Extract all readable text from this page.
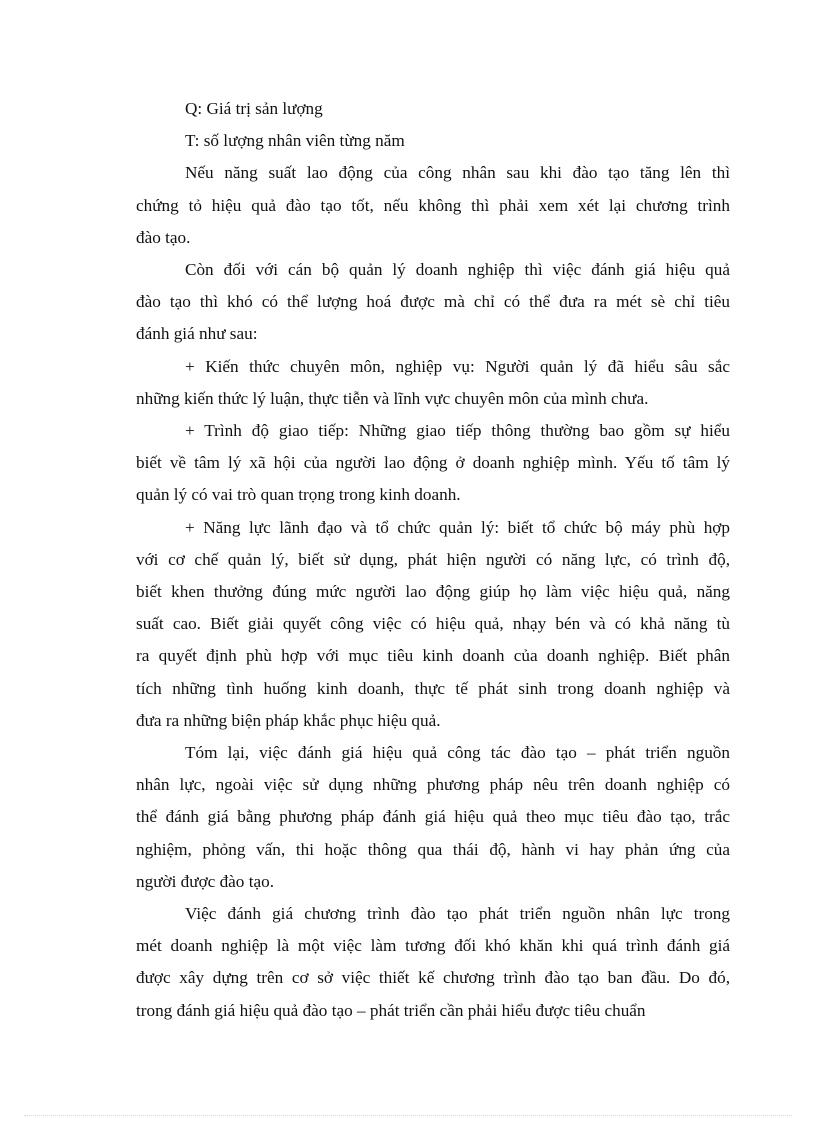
Q: Giá trị sản lượng
T: số lượng nhân viên từng năm
Nếu năng suất lao động của công nhân sau khi đào tạo tăng lên thì
chứng tỏ hiệu quả đào tạo tốt, nếu không thì phải xem xét lại chương trình
đào tạo.
Còn đối với cán bộ quản lý doanh nghiệp thì việc đánh giá hiệu quả
đào tạo thì khó có thể lượng hoá được mà chỉ có thể đưa ra mét sè chỉ tiêu
đánh giá như sau:
+ Kiến thức chuyên môn, nghiệp vụ: Người quản lý đã hiểu sâu sắc
những kiến thức lý luận, thực tiễn và lĩnh vực chuyên môn của mình chưa.
+ Trình độ giao tiếp: Những giao tiếp thông thường bao gồm sự hiểu
biết về tâm lý xã hội của người lao động ở doanh nghiệp mình. Yếu tố tâm lý
quản lý có vai trò quan trọng trong kinh doanh.
+ Năng lực lãnh đạo và tổ chức quản lý: biết tổ chức bộ máy phù hợp
với cơ chế quản lý, biết sử dụng, phát hiện người có năng lực, có trình độ,
biết khen thưởng đúng mức người lao động giúp họ làm việc hiệu quả, năng
suất cao. Biết giải quyết công việc có hiệu quả, nhạy bén và có khả năng tù
ra quyết định phù hợp với mục tiêu kinh doanh của doanh nghiệp. Biết phân
tích những tình huống kinh doanh, thực tế phát sinh trong doanh nghiệp và
đưa ra những biện pháp khắc phục hiệu quả.
Tóm lại, việc đánh giá hiệu quả công tác đào tạo – phát triển nguồn
nhân lực, ngoài việc sử dụng những phương pháp nêu trên doanh nghiệp có
thể đánh giá bằng phương pháp đánh giá hiệu quả theo mục tiêu đào tạo, trắc
nghiệm, phỏng vấn, thi hoặc thông qua thái độ, hành vi hay phản ứng của
người được đào tạo.
Việc đánh giá chương trình đào tạo phát triển nguồn nhân lực trong
mét doanh nghiệp là một việc làm tương đối khó khăn khi quá trình đánh giá
được xây dựng trên cơ sở việc thiết kế chương trình đào tạo ban đầu. Do đó,
trong đánh giá hiệu quả đào tạo – phát triển cần phải hiểu được tiêu chuẩn
